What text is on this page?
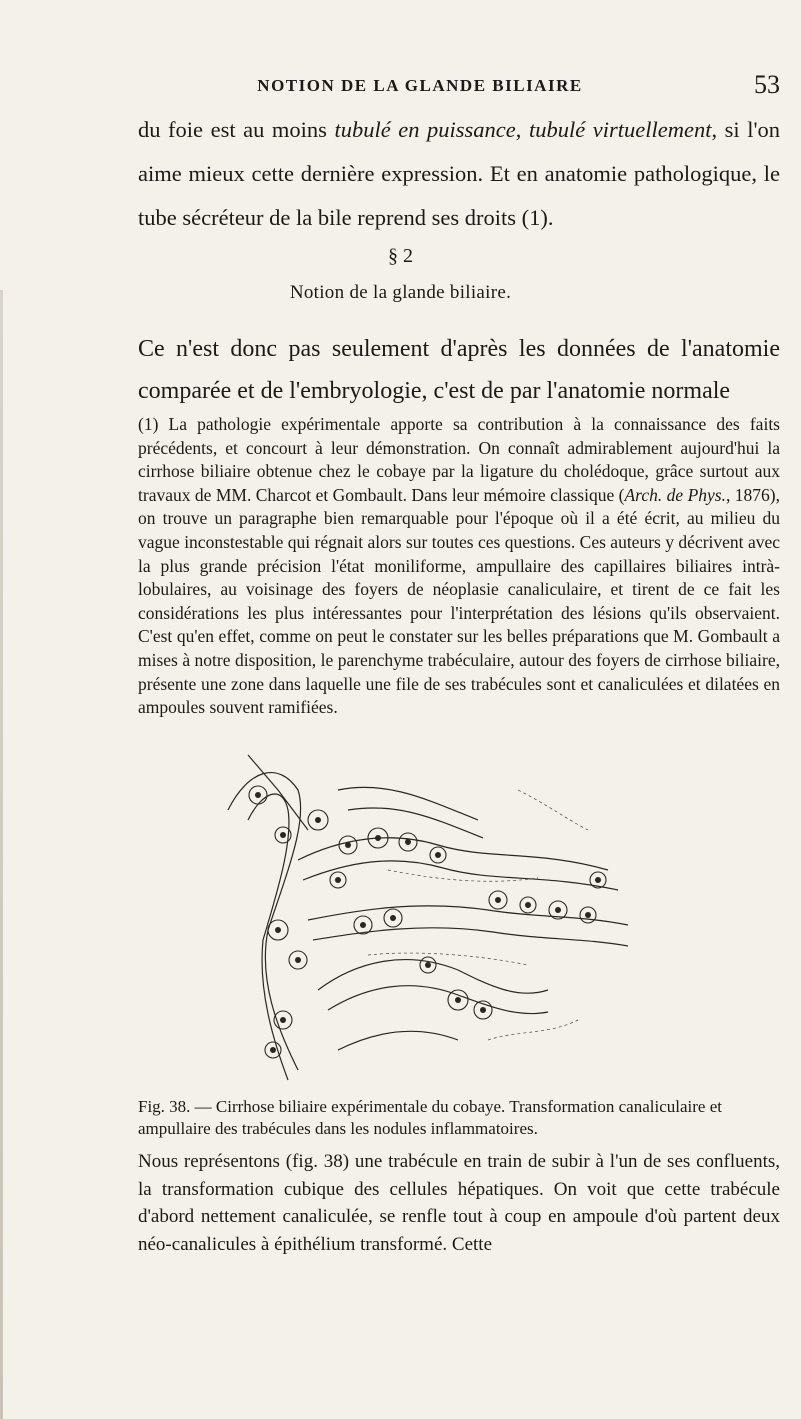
NOTION DE LA GLANDE BILIAIRE	53

du foie est au moins tubulé en puissance, tubulé virtuellement, si l'on aime mieux cette dernière expression. Et en anatomie pathologique, le tube sécréteur de la bile reprend ses droits (1).

§ 2
Notion de la glande biliaire.

Ce n'est donc pas seulement d'après les données de l'anatomie comparée et de l'embryologie, c'est de par l'anatomie normale

(1) La pathologie expérimentale apporte sa contribution à la connaissance des faits précédents, et concourt à leur démonstration. On connaît admirablement aujourd'hui la cirrhose biliaire obtenue chez le cobaye par la ligature du cholédoque, grâce surtout aux travaux de MM. Charcot et Gombault. Dans leur mémoire classique (Arch. de Phys., 1876), on trouve un paragraphe bien remarquable pour l'époque où il a été écrit, au milieu du vague inconstestable qui régnait alors sur toutes ces questions. Ces auteurs y décrivent avec la plus grande précision l'état moniliforme, ampullaire des capillaires biliaires intrà-lobulaires, au voisinage des foyers de néoplasie canaliculaire, et tirent de ce fait les considérations les plus intéressantes pour l'interprétation des lésions qu'ils observaient. C'est qu'en effet, comme on peut le constater sur les belles préparations que M. Gombault a mises à notre disposition, le parenchyme trabéculaire, autour des foyers de cirrhose biliaire, présente une zone dans laquelle une file de ses trabécules sont et canaliculées et dilatées en ampoules souvent ramifiées.

Fig. 38. — Cirrhose biliaire expérimentale du cobaye. Transformation canaliculaire et ampullaire des trabécules dans les nodules inflammatoires.

Nous représentons (fig. 38) une trabécule en train de subir à l'un de ses confluents, la transformation cubique des cellules hépatiques. On voit que cette trabécule d'abord nettement canaliculée, se renfle tout à coup en ampoule d'où partent deux néo-canalicules à épithélium transformé. Cette
